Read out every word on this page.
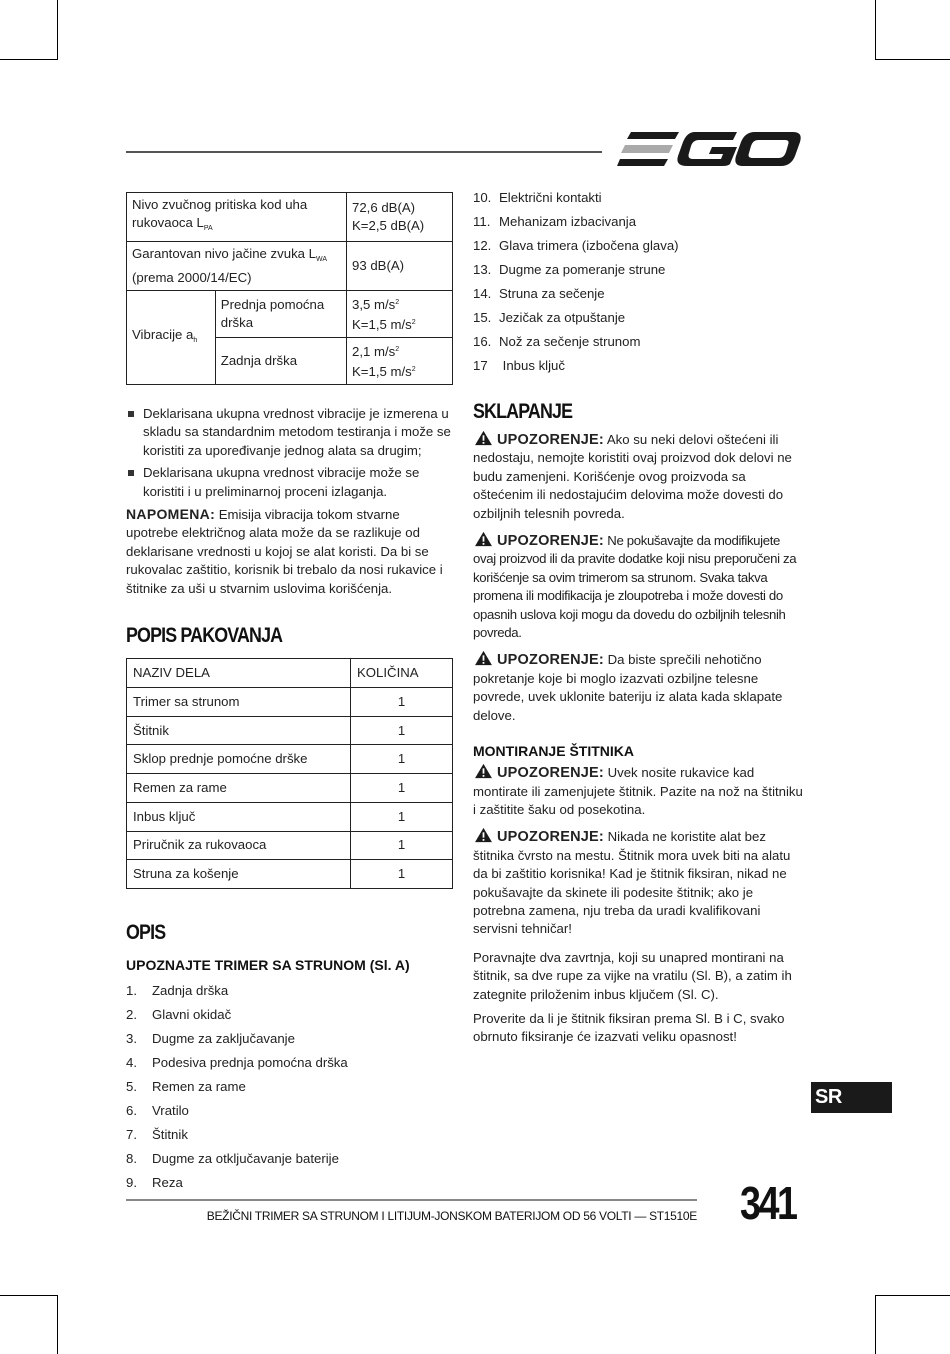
Nivo zvučnog pritiska kod uha rukovaoca $L_{PA}$		72,6 dB(A)
K=2,5 dB(A)
Garantovan nivo jačine zvuka $L_{WA}$
(prema 2000/14/EC)		93 dB(A)
Vibracije $a_h$	Prednja pomoćna drška	3,5 $m/s^2$
K=1,5 $m/s^2$
	Zadnja drška	2,1 $m/s^2$
K=1,5 $m/s^2$
Deklarisana ukupna vrednost vibracije je izmerena u skladu sa standardnim metodom testiranja i može se koristiti za upoređivanje jednog alata sa drugim;
Deklarisana ukupna vrednost vibracije može se koristiti i u preliminarnoj proceni izlaganja.

NAPOMENA: Emisija vibracija tokom stvarne upotrebe električnog alata može da se razlikuje od deklarisane vrednosti u kojoj se alat koristi. Da bi se rukovalac zaštitio, korisnik bi trebalo da nosi rukavice i štitnike za uši u stvarnim uslovima korišćenja.

POPIS PAKOVANJA
NAZIV DELA	KOLIČINA
Trimer sa strunom	1
Štitnik	1
Sklop prednje pomoćne drške	1
Remen za rame	1
Inbus ključ	1
Priručnik za rukovaoca	1
Struna za košenje	1
OPIS
UPOZNAJTE TRIMER SA STRUNOM (Sl. A)
1.	Zadnja drška
2.	Glavni okidač
3.	Dugme za zaključavanje
4.	Podesiva prednja pomoćna drška
5.	Remen za rame
6.	Vratilo
7.	Štitnik
8.	Dugme za otključavanje baterije
9.	Reza
10. Električni kontakti
11. Mehanizam izbacivanja
12. Glava trimera (izbočena glava)
13. Dugme za pomeranje strune
14. Struna za sečenje
15. Jezičak za otpuštanje
16. Nož za sečenje strunom
17 Inbus ključ
SKLAPANJE

UPOZORENJE: Ako su neki delovi oštećeni ili nedostaju, nemojte koristiti ovaj proizvod dok delovi ne budu zamenjeni. Korišćenje ovog proizvoda sa oštećenim ili nedostajućim delovima može dovesti do ozbiljnih telesnih povreda.

UPOZORENJE: Ne pokušavajte da modifikujete ovaj proizvod ili da pravite dodatke koji nisu preporučeni za korišćenje sa ovim trimerom sa strunom. Svaka takva promena ili modifikacija je zloupotreba i može dovesti do opasnih uslova koji mogu da dovedu do ozbiljnih telesnih povreda.

UPOZORENJE: Da biste sprečili nehotično pokretanje koje bi moglo izazvati ozbiljne telesne povrede, uvek uklonite bateriju iz alata kada sklapate delove.

MONTIRANJE ŠTITNIKA

UPOZORENJE: Uvek nosite rukavice kad montirate ili zamenjujete štitnik. Pazite na nož na štitniku i zaštitite šaku od posekotina.

UPOZORENJE: Nikada ne koristite alat bez štitnika čvrsto na mestu. Štitnik mora uvek biti na alatu da bi zaštitio korisnika! Kad je štitnik fiksiran, nikad ne pokušavajte da skinete ili podesite štitnik; ako je potrebna zamena, nju treba da uradi kvalifikovani servisni tehničar!

Poravnajte dva zavrtnja, koji su unapred montirani na štitnik, sa dve rupe za vijke na vratilu (Sl. B), a zatim ih zategnite priloženim inbus ključem (Sl. C).

Proverite da li je štitnik fiksiran prema Sl. B i C, svako obrnuto fiksiranje će izazvati veliku opasnost!

SR
BEŽIČNI TRIMER SA STRUNOM I LITIJUM-JONSKOM BATERIJOM OD 56 VOLTI — ST1510E 341
